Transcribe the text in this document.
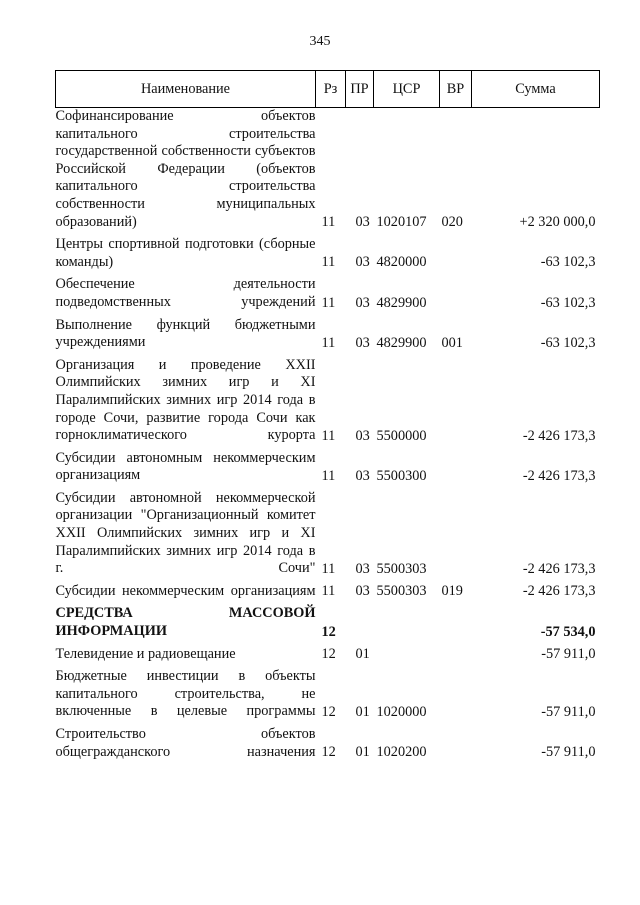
345
Наименование	Рз	ПР	ЦСР	ВР	Сумма
Софинансирование объектов капитального строительства государственной собственности субъектов Российской Федерации (объектов капитального строительства собственности муниципальных образований)	11	03	1020107	020	+2 320 000,0

Центры спортивной подготовки (сборные команды)	11	03	4820000		-63 102,3

Обеспечение деятельности подведомственных учреждений	11	03	4829900		-63 102,3

Выполнение функций бюджетными учреждениями	11	03	4829900	001	-63 102,3

Организация и проведение XXII Олимпийских зимних игр и XI Паралимпийских зимних игр 2014 года в городе Сочи, развитие города Сочи как горноклиматического курорта	11	03	5500000		-2 426 173,3

Субсидии автономным некоммерческим организациям	11	03	5500300		-2 426 173,3

Субсидии автономной некоммерческой организации "Организационный комитет XXII Олимпийских зимних игр и XI Паралимпийских зимних игр 2014 года в г. Сочи"	11	03	5500303		-2 426 173,3

Субсидии некоммерческим организациям	11	03	5500303	019	-2 426 173,3

СРЕДСТВА МАССОВОЙ ИНФОРМАЦИИ	12				-57 534,0

Телевидение и радиовещание	12	01			-57 911,0

Бюджетные инвестиции в объекты капитального строительства, не включенные в целевые программы	12	01	1020000		-57 911,0

Строительство объектов общегражданского назначения	12	01	1020200		-57 911,0
